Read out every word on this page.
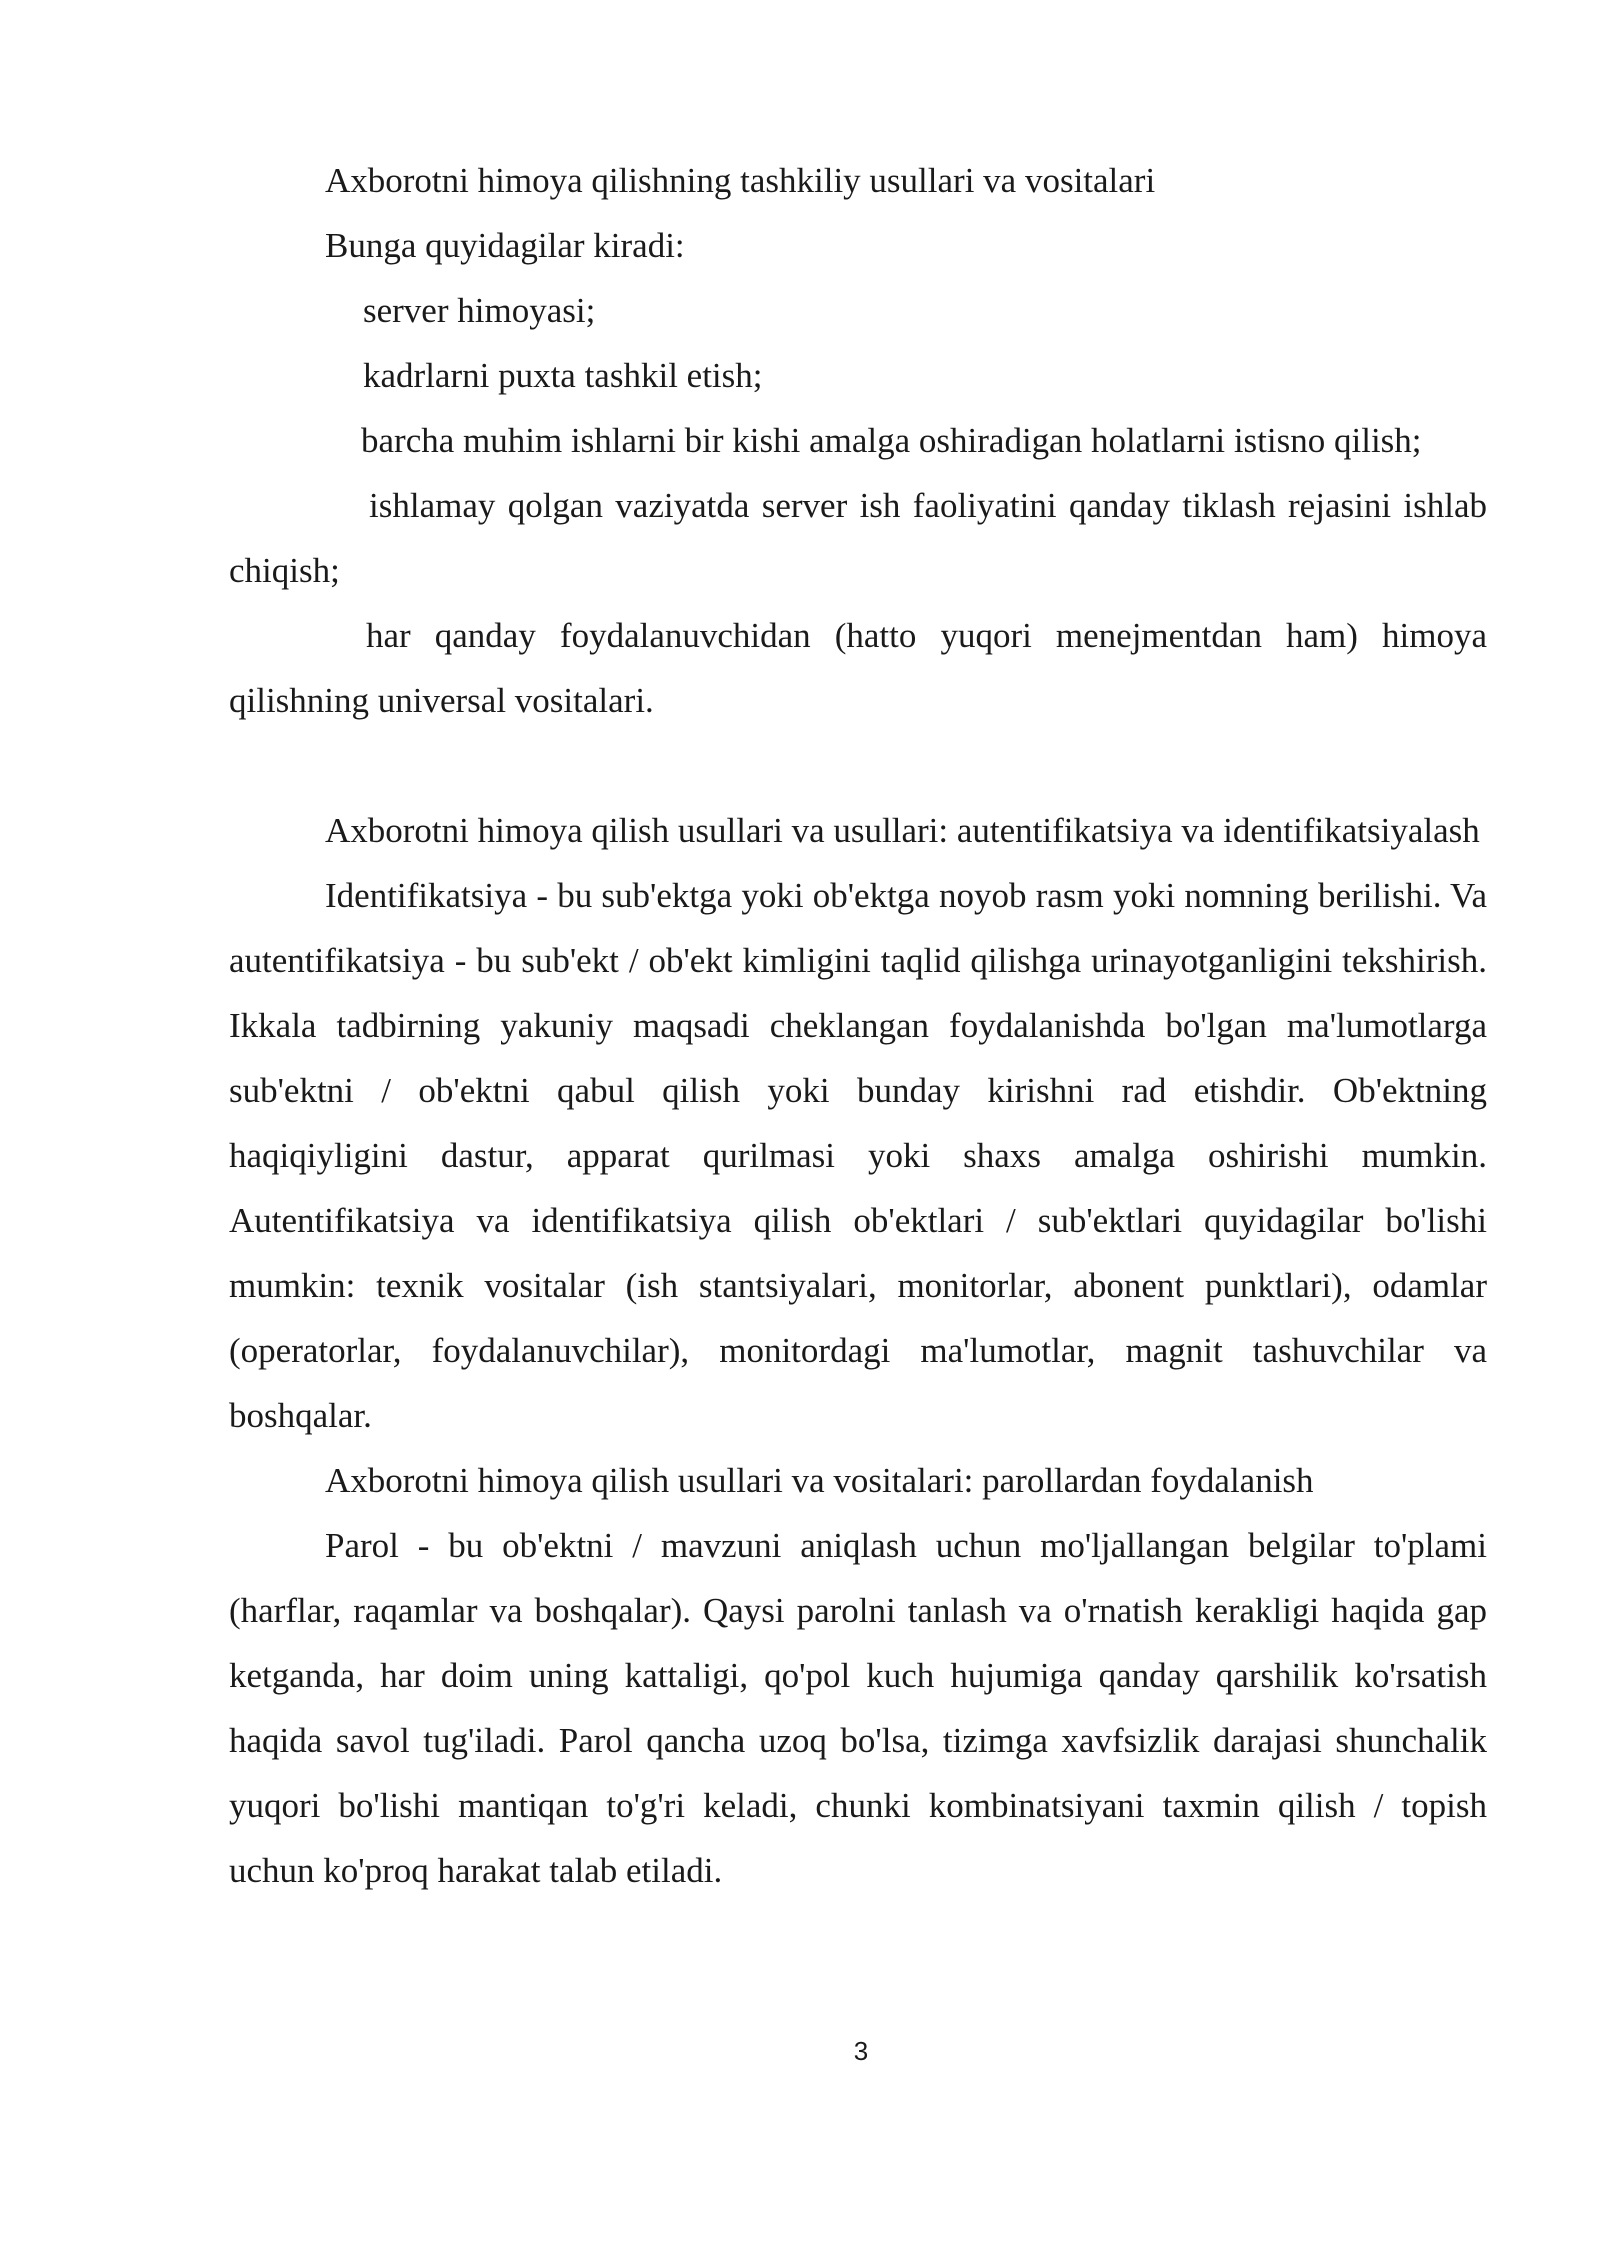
Axborotni himoya qilishning tashkiliy usullari va vositalari

Bunga quyidagilar kiradi:

server himoyasi;

kadrlarni puxta tashkil etish;

barcha muhim ishlarni bir kishi amalga oshiradigan holatlarni istisno qilish;

ishlamay qolgan vaziyatda server ish faoliyatini qanday tiklash rejasini ishlab chiqish;

har qanday foydalanuvchidan (hatto yuqori menejmentdan ham) himoya qilishning universal vositalari.

Axborotni himoya qilish usullari va usullari: autentifikatsiya va identifikatsiyalash

Identifikatsiya - bu sub'ektga yoki ob'ektga noyob rasm yoki nomning berilishi. Va autentifikatsiya - bu sub'ekt / ob'ekt kimligini taqlid qilishga urinayotganligini tekshirish. Ikkala tadbirning yakuniy maqsadi cheklangan foydalanishda bo'lgan ma'lumotlarga sub'ektni / ob'ektni qabul qilish yoki bunday kirishni rad etishdir. Ob'ektning haqiqiyligini dastur, apparat qurilmasi yoki shaxs amalga oshirishi mumkin. Autentifikatsiya va identifikatsiya qilish ob'ektlari / sub'ektlari quyidagilar bo'lishi mumkin: texnik vositalar (ish stantsiyalari, monitorlar, abonent punktlari), odamlar (operatorlar, foydalanuvchilar), monitordagi ma'lumotlar, magnit tashuvchilar va boshqalar.

Axborotni himoya qilish usullari va vositalari: parollardan foydalanish

Parol - bu ob'ektni / mavzuni aniqlash uchun mo'ljallangan belgilar to'plami (harflar, raqamlar va boshqalar). Qaysi parolni tanlash va o'rnatish kerakligi haqida gap ketganda, har doim uning kattaligi, qo'pol kuch hujumiga qanday qarshilik ko'rsatish haqida savol tug'iladi. Parol qancha uzoq bo'lsa, tizimga xavfsizlik darajasi shunchalik yuqori bo'lishi mantiqan to'g'ri keladi, chunki kombinatsiyani taxmin qilish / topish uchun ko'proq harakat talab etiladi.

3
